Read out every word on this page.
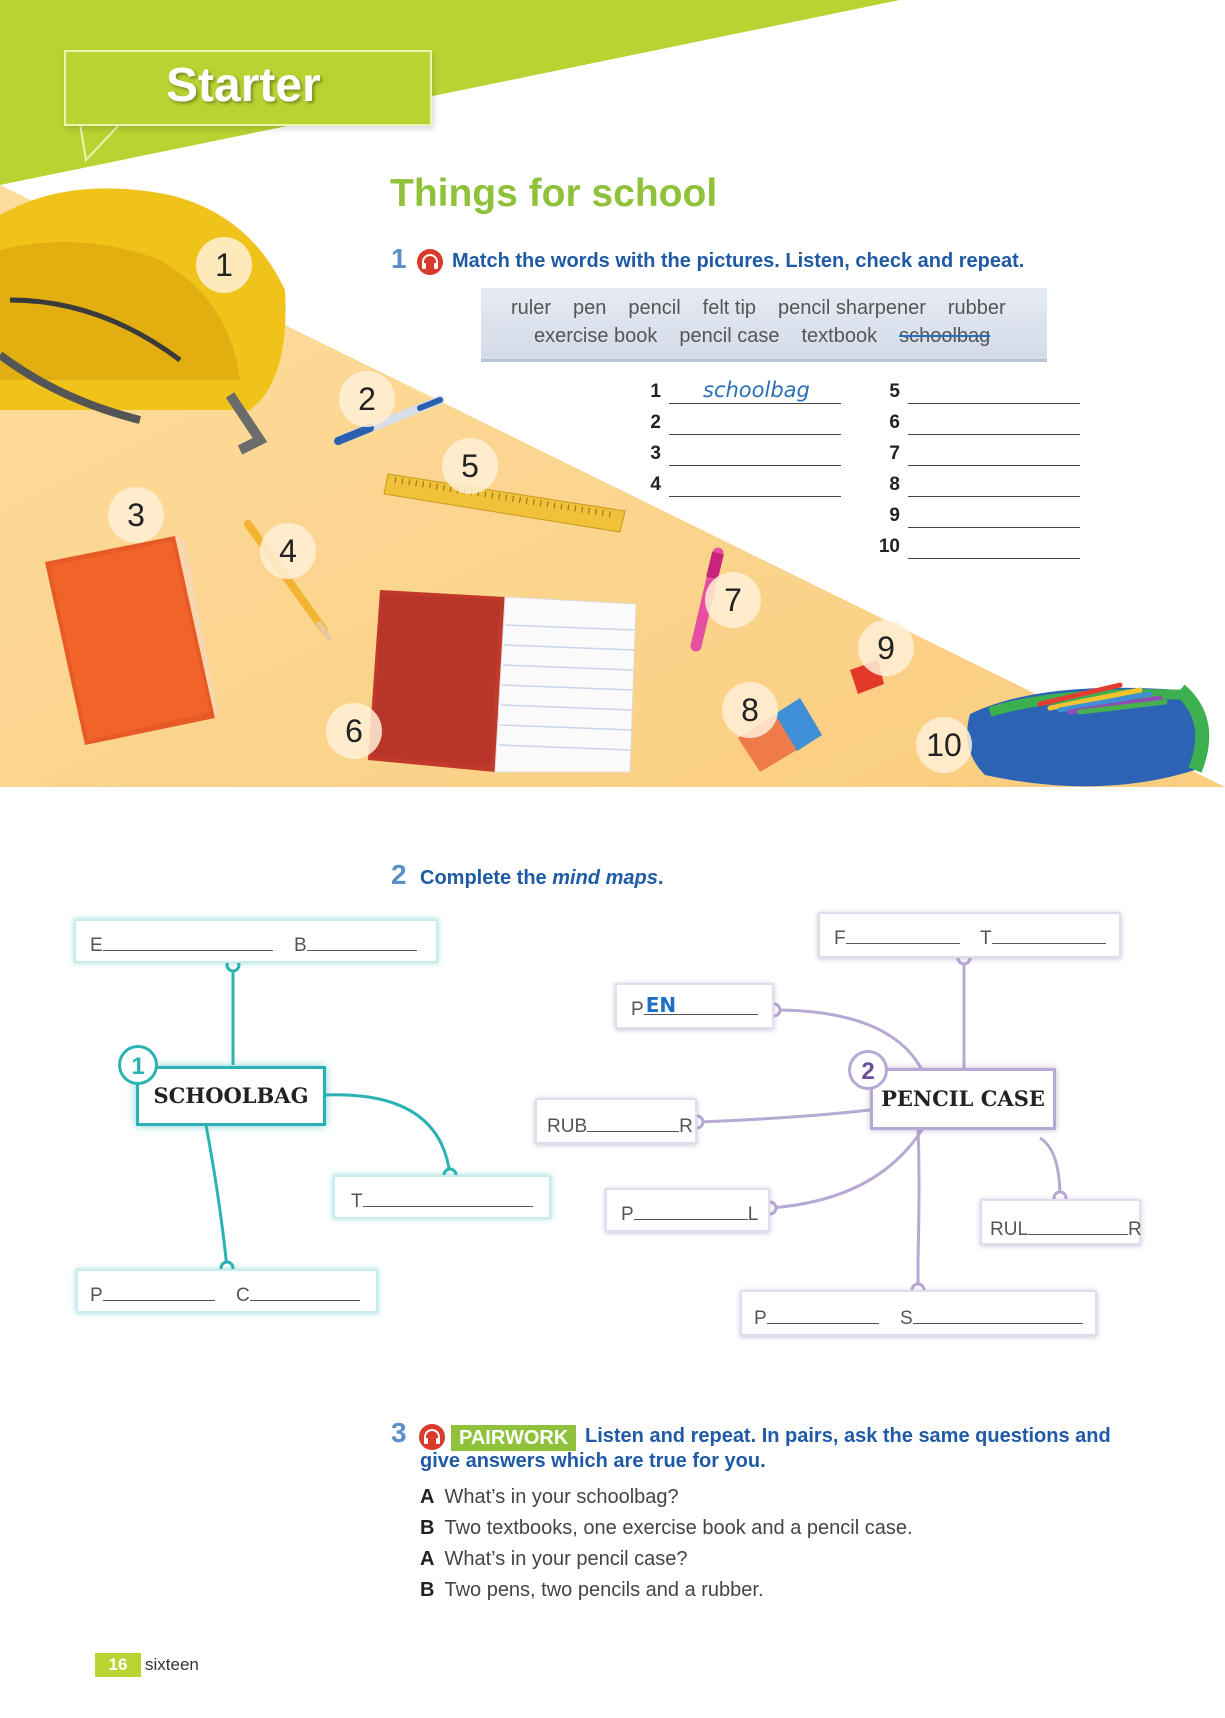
Starter
Things for school
1 Match the words with the pictures. Listen, check and repeat.
ruler pen pencil felt tip pencil sharpener rubber
exercise book pencil case textbook schoolbag
1 schoolbag
2
3
4
5
6
7
8
9
10
1
2
3
4
5
6
7
8
9
10
2 Complete the mind maps.
E	B
SCHOOLBAG
1
T
P	C
F	T
P EN
PENCIL CASE
2
RUB	R
P	L
RUL	R
P	S
3	PAIRWORK Listen and repeat. In pairs, ask the same questions and
give answers which are true for you.
A What’s in your schoolbag?
B Two textbooks, one exercise book and a pencil case.
A What’s in your pencil case?
B Two pens, two pencils and a rubber.
16	sixteen
